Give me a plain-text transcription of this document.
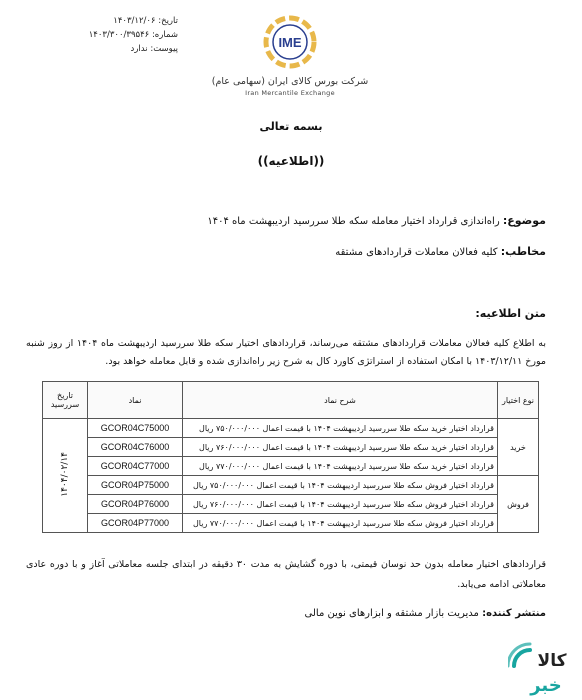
تاریخ: ۱۴۰۳/۱۲/۰۶
شماره: ۱۴۰۳/۳۰۰/۳۹۵۴۶
پیوست: ندارد	IME
شرکت بورس کالای ایران (سهامی عام)
Iran Mercantile Exchange
بسمه تعالی
((اطلاعیه))
موضوع: راه‌اندازی قرارداد اختیار معامله سکه طلا سررسید اردیبهشت ماه ۱۴۰۴
مخاطب: کلیه فعالان معاملات قراردادهای مشتقه
متن اطلاعیه:
به اطلاع کلیه فعالان معاملات قراردادهای مشتقه می‌رساند، قراردادهای اختیار سکه طلا سررسید اردیبهشت ماه ۱۴۰۴ از روز شنبه مورخ ۱۴۰۳/۱۲/۱۱ با امکان استفاده از استراتژی کاورد کال به شرح زیر راه‌اندازی شده و قابل معامله خواهد بود.
نوع اختیار	شرح نماد	نماد	تاریخ سررسید
خرید	قرارداد اختیار خرید سکه طلا سررسید اردیبهشت ۱۴۰۴ با قیمت اعمال ۷۵۰/۰۰۰/۰۰۰ ریال	GCOR04C75000	۱۴۰۴/۰۲/۱۴
	قرارداد اختیار خرید سکه طلا سررسید اردیبهشت ۱۴۰۴ با قیمت اعمال ۷۶۰/۰۰۰/۰۰۰ ریال	GCOR04C76000	
	قرارداد اختیار خرید سکه طلا سررسید اردیبهشت ۱۴۰۴ با قیمت اعمال ۷۷۰/۰۰۰/۰۰۰ ریال	GCOR04C77000	
فروش	قرارداد اختیار فروش سکه طلا سررسید اردیبهشت ۱۴۰۴ با قیمت اعمال ۷۵۰/۰۰۰/۰۰۰ ریال	GCOR04P75000	
	قرارداد اختیار فروش سکه طلا سررسید اردیبهشت ۱۴۰۴ با قیمت اعمال ۷۶۰/۰۰۰/۰۰۰ ریال	GCOR04P76000	
	قرارداد اختیار فروش سکه طلا سررسید اردیبهشت ۱۴۰۴ با قیمت اعمال ۷۷۰/۰۰۰/۰۰۰ ریال	GCOR04P77000	
قراردادهای اختیار معامله بدون حد نوسان قیمتی، با دوره گشایش به مدت ۳۰ دقیقه در ابتدای جلسه معاملاتی آغاز و با دوره عادی معاملاتی ادامه می‌یابد.
منتشر کننده: مدیریت بازار مشتقه و ابزارهای نوین مالی
کالا
خبر
